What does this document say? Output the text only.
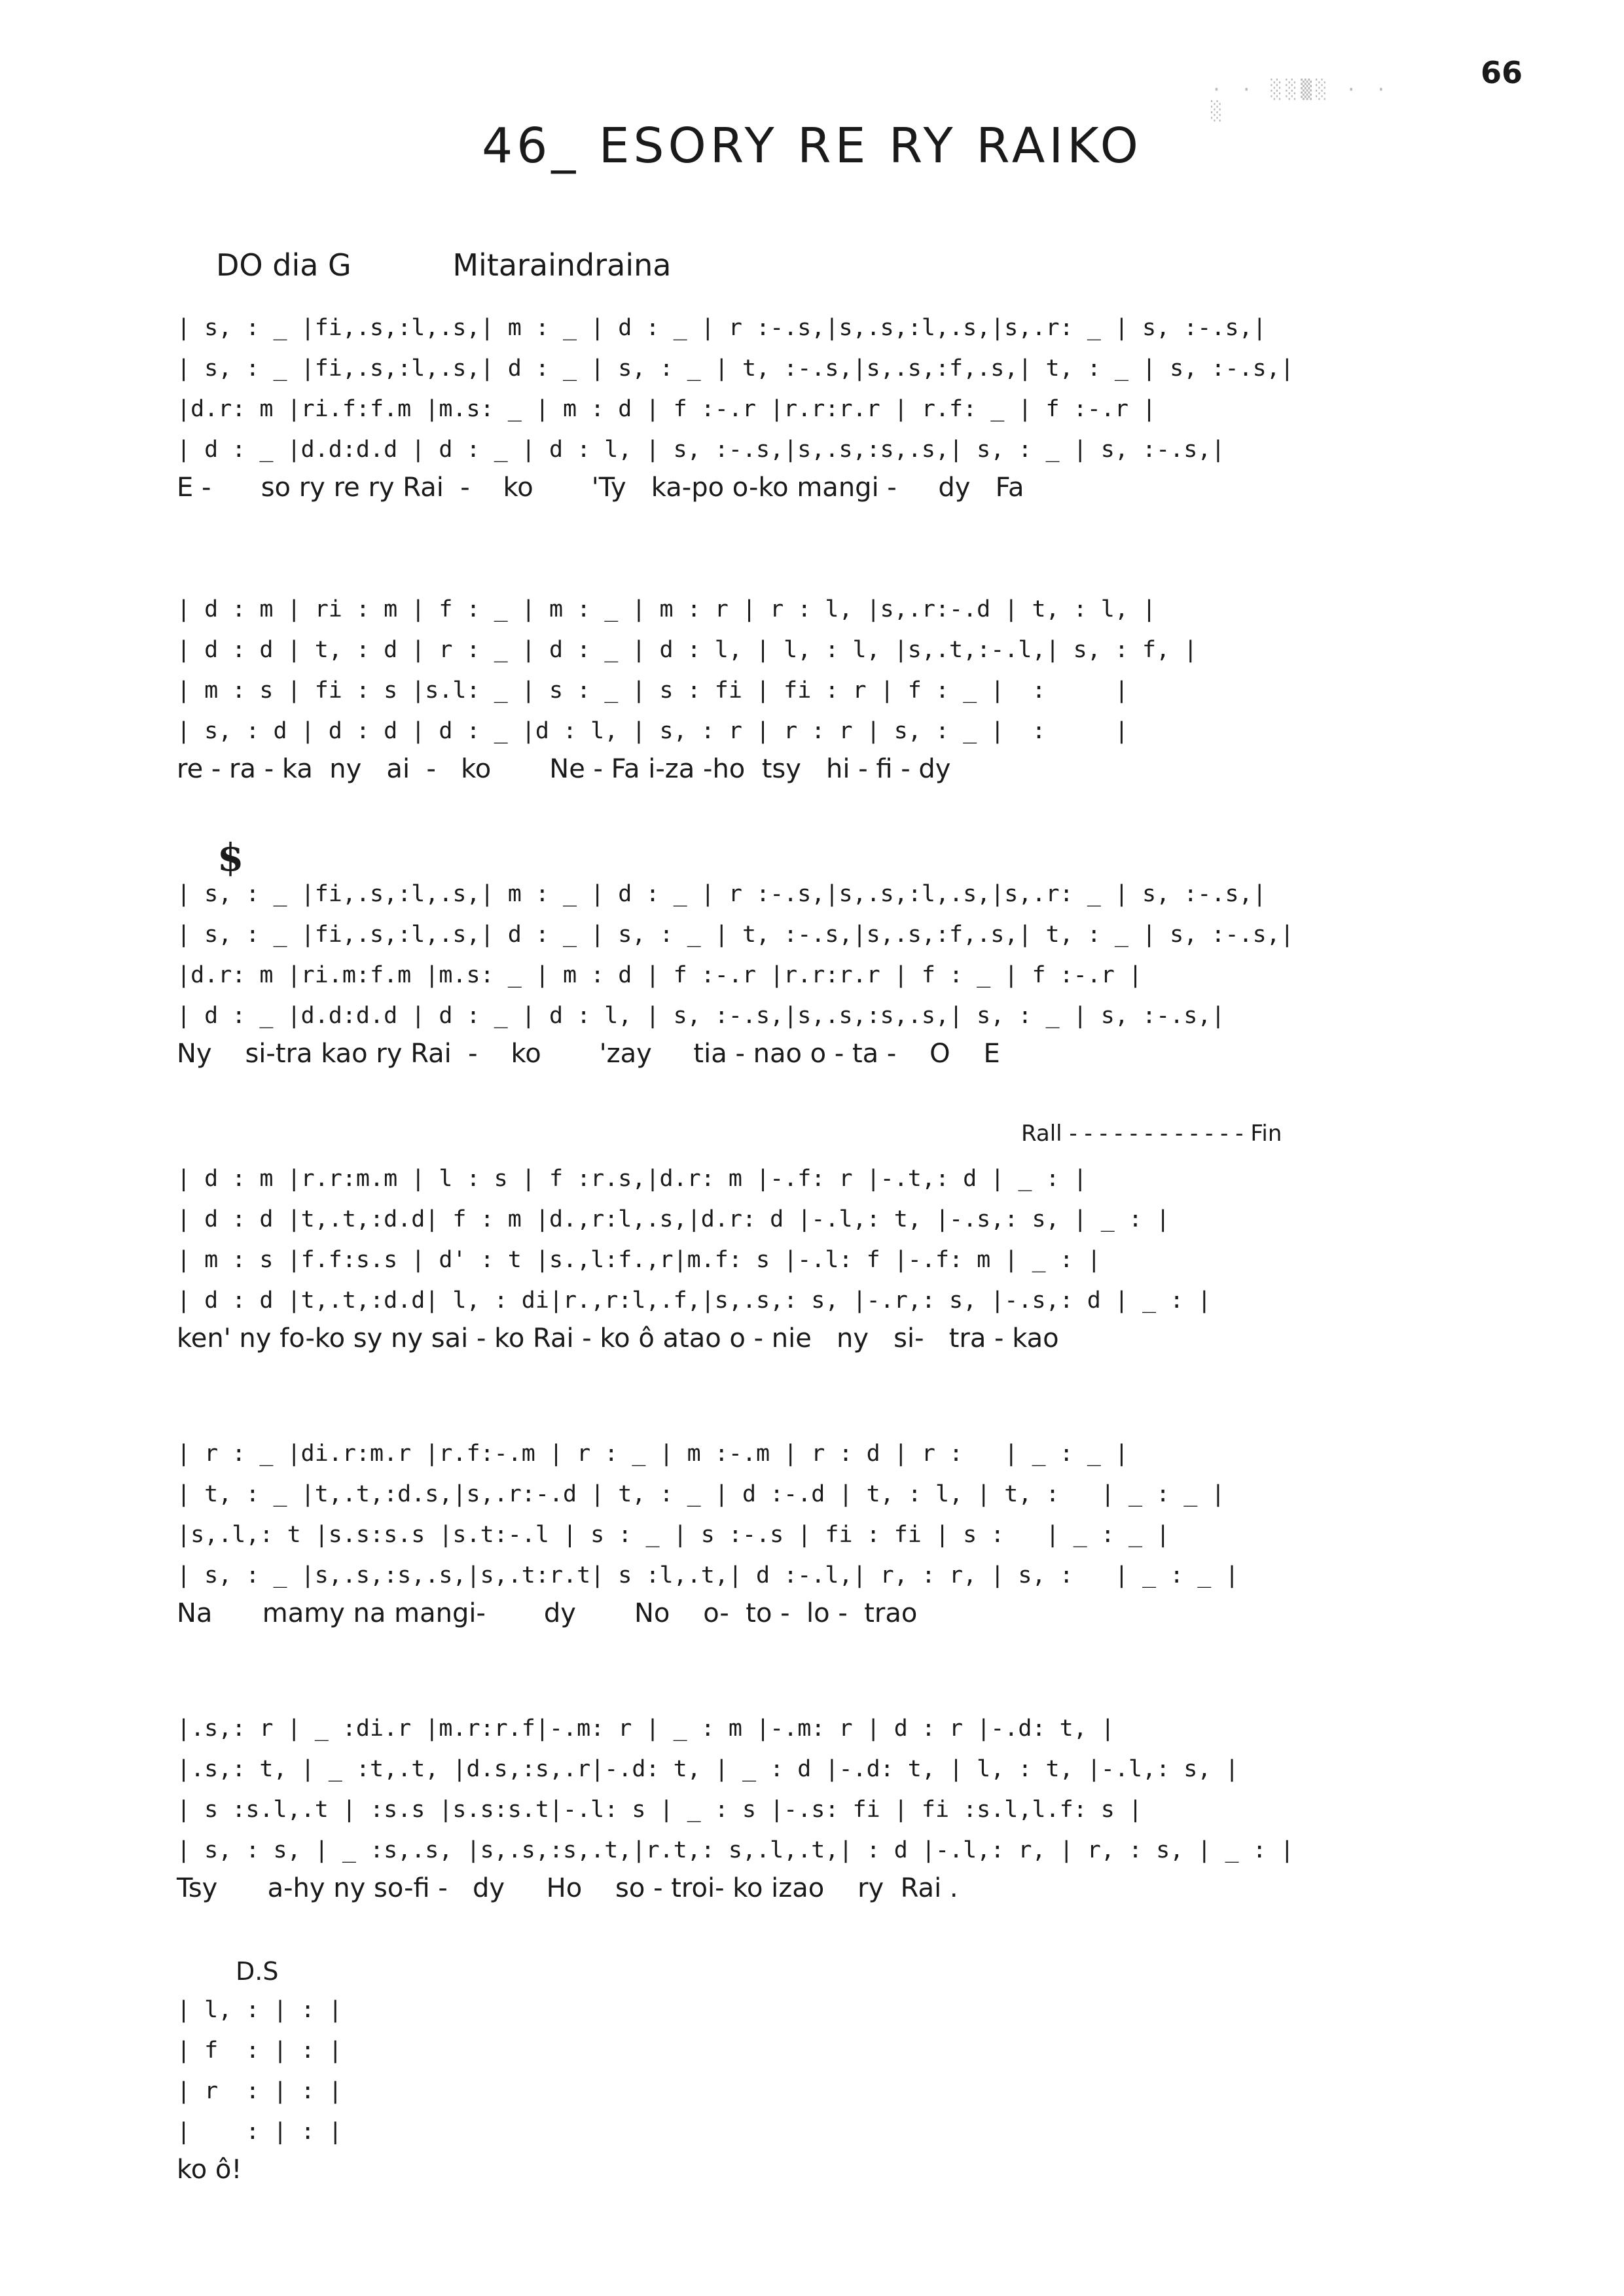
66
· · ░░▒░ · · ░
46_ ESORY RE RY RAIKO
DO dia G	Mitaraindraina
| s, : _ |fi,.s,:l,.s,| m : _ | d : _ | r :-.s,|s,.s,:l,.s,|s,.r: _ | s, :-.s,|
| s, : _ |fi,.s,:l,.s,| d : _ | s, : _ | t, :-.s,|s,.s,:f,.s,| t, : _ | s, :-.s,|
|d.r: m |ri.f:f.m |m.s: _ | m : d | f :-.r |r.r:r.r | r.f: _ | f :-.r |
| d : _ |d.d:d.d | d : _ | d : l, | s, :-.s,|s,.s,:s,.s,| s, : _ | s, :-.s,|
E -      so ry re ry Rai  -    ko       'Ty   ka-po o-ko mangi -     dy   Fa
| d : m | ri : m | f : _ | m : _ | m : r | r : l, |s,.r:-.d | t, : l, |
| d : d | t, : d | r : _ | d : _ | d : l, | l, : l, |s,.t,:-.l,| s, : f, |
| m : s | fi : s |s.l: _ | s : _ | s : fi | fi : r | f : _ |  :     |
| s, : d | d : d | d : _ |d : l, | s, : r | r : r | s, : _ |  :     |
re - ra - ka  ny   ai  -   ko       Ne - Fa i-za -ho  tsy   hi - fi - dy
$
| s, : _ |fi,.s,:l,.s,| m : _ | d : _ | r :-.s,|s,.s,:l,.s,|s,.r: _ | s, :-.s,|
| s, : _ |fi,.s,:l,.s,| d : _ | s, : _ | t, :-.s,|s,.s,:f,.s,| t, : _ | s, :-.s,|
|d.r: m |ri.m:f.m |m.s: _ | m : d | f :-.r |r.r:r.r | f : _ | f :-.r |
| d : _ |d.d:d.d | d : _ | d : l, | s, :-.s,|s,.s,:s,.s,| s, : _ | s, :-.s,|
Ny    si-tra kao ry Rai  -    ko       'zay     tia - nao o - ta -    O    E
Rall - - - - - - - - - - - - Fin
| d : m |r.r:m.m | l : s | f :r.s,|d.r: m |-.f: r |-.t,: d | _ : |
| d : d |t,.t,:d.d| f : m |d.,r:l,.s,|d.r: d |-.l,: t, |-.s,: s, | _ : |
| m : s |f.f:s.s | d' : t |s.,l:f.,r|m.f: s |-.l: f |-.f: m | _ : |
| d : d |t,.t,:d.d| l, : di|r.,r:l,.f,|s,.s,: s, |-.r,: s, |-.s,: d | _ : |
ken' ny fo-ko sy ny sai - ko Rai - ko ô atao o - nie   ny   si-   tra - kao
| r : _ |di.r:m.r |r.f:-.m | r : _ | m :-.m | r : d | r :   | _ : _ |
| t, : _ |t,.t,:d.s,|s,.r:-.d | t, : _ | d :-.d | t, : l, | t, :   | _ : _ |
|s,.l,: t |s.s:s.s |s.t:-.l | s : _ | s :-.s | fi : fi | s :   | _ : _ |
| s, : _ |s,.s,:s,.s,|s,.t:r.t| s :l,.t,| d :-.l,| r, : r, | s, :   | _ : _ |
Na      mamy na mangi-       dy       No    o-  to -  lo -  trao
|.s,: r | _ :di.r |m.r:r.f|-.m: r | _ : m |-.m: r | d : r |-.d: t, |
|.s,: t, | _ :t,.t, |d.s,:s,.r|-.d: t, | _ : d |-.d: t, | l, : t, |-.l,: s, |
| s :s.l,.t | :s.s |s.s:s.t|-.l: s | _ : s |-.s: fi | fi :s.l,l.f: s |
| s, : s, | _ :s,.s, |s,.s,:s,.t,|r.t,: s,.l,.t,| : d |-.l,: r, | r, : s, | _ : |
Tsy      a-hy ny so-fi -   dy     Ho    so - troi- ko izao    ry  Rai .
D.S
| l, : | : |
| f  : | : |
| r  : | : |
|    : | : |
ko ô!
